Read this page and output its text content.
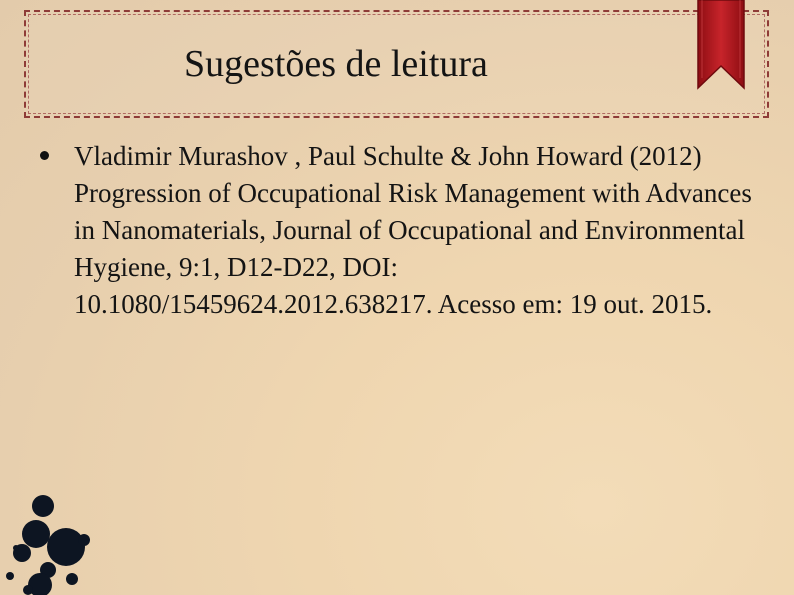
Sugestões de leitura
Vladimir Murashov , Paul Schulte & John Howard (2012) Progression of Occupational Risk Management with Advances in Nanomaterials, Journal of Occupational and Environmental Hygiene, 9:1, D12-D22, DOI: 10.1080/15459624.2012.638217. Acesso em: 19 out. 2015.
